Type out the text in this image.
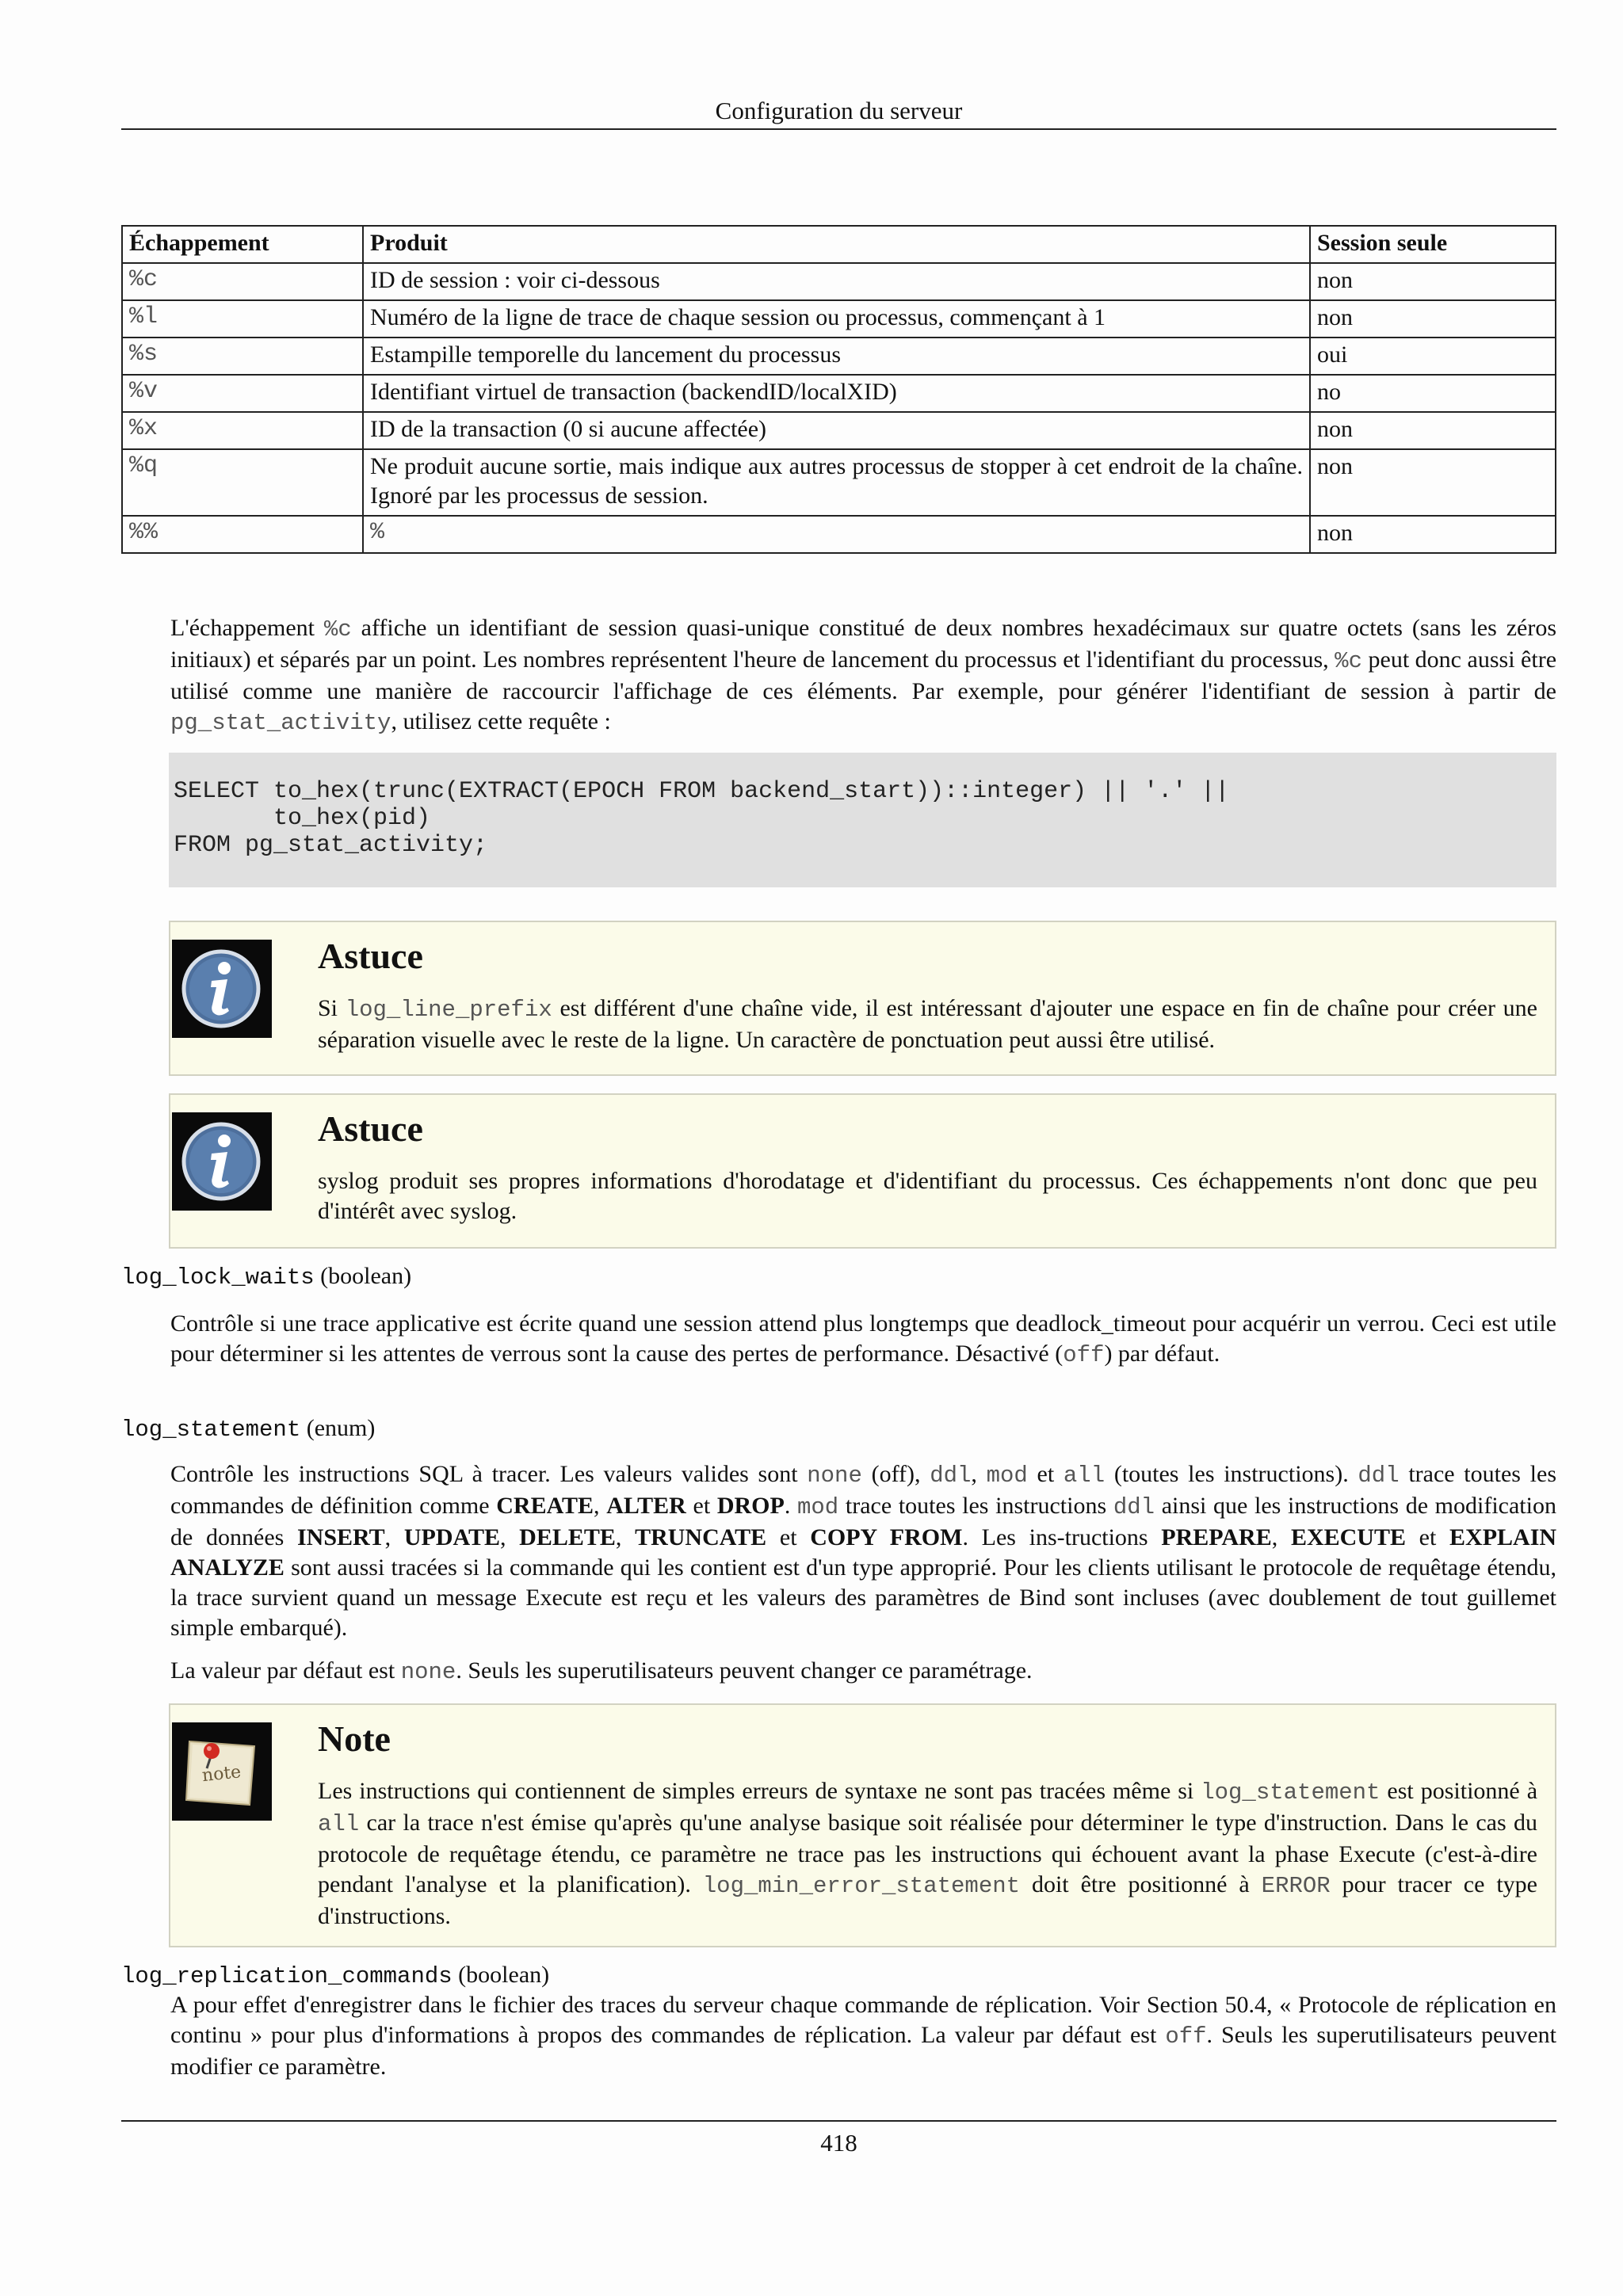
Configuration du serveur
Échappement	Produit	Session seule
%c	ID de session : voir ci-dessous	non
%l	Numéro de la ligne de trace de chaque session ou processus, commençant à 1	non
%s	Estampille temporelle du lancement du processus	oui
%v	Identifiant virtuel de transaction (backendID/localXID)	no
%x	ID de la transaction (0 si aucune affectée)	non
%q	Ne produit aucune sortie, mais indique aux autres processus de stopper à cet endroit de la chaîne. Ignoré par les processus de session.	non
%%	%	non
L'échappement %c affiche un identifiant de session quasi-unique constitué de deux nombres hexadécimaux sur quatre octets (sans les zéros initiaux) et séparés par un point. Les nombres représentent l'heure de lancement du processus et l'identifiant du processus, %c peut donc aussi être utilisé comme une manière de raccourcir l'affichage de ces éléments. Par exemple, pour générer l'identifiant de session à partir de pg_stat_activity, utilisez cette requête :
SELECT to_hex(trunc(EXTRACT(EPOCH FROM backend_start))::integer) || '.' ||
to_hex(pid)
FROM pg_stat_activity;
Astuce
Si log_line_prefix est différent d'une chaîne vide, il est intéressant d'ajouter une espace en fin de chaîne pour créer une séparation visuelle avec le reste de la ligne. Un caractère de ponctuation peut aussi être utilisé.
Astuce
syslog produit ses propres informations d'horodatage et d'identifiant du processus. Ces échappements n'ont donc que peu d'intérêt avec syslog.
log_lock_waits (boolean)
Contrôle si une trace applicative est écrite quand une session attend plus longtemps que deadlock_timeout pour acquérir un verrou. Ceci est utile pour déterminer si les attentes de verrous sont la cause des pertes de performance. Désactivé (off) par défaut.
log_statement (enum)
Contrôle les instructions SQL à tracer. Les valeurs valides sont none (off), ddl, mod et all (toutes les instructions). ddl trace toutes les commandes de définition comme CREATE, ALTER et DROP. mod trace toutes les instructions ddl ainsi que les instructions de modification de données INSERT, UPDATE, DELETE, TRUNCATE et COPY FROM. Les ins-tructions PREPARE, EXECUTE et EXPLAIN ANALYZE sont aussi tracées si la commande qui les contient est d'un type approprié. Pour les clients utilisant le protocole de requêtage étendu, la trace survient quand un message Execute est reçu et les valeurs des paramètres de Bind sont incluses (avec doublement de tout guillemet simple embarqué).
La valeur par défaut est none. Seuls les superutilisateurs peuvent changer ce paramétrage.
note
Note
Les instructions qui contiennent de simples erreurs de syntaxe ne sont pas tracées même si log_statement est positionné à all car la trace n'est émise qu'après qu'une analyse basique soit réalisée pour déterminer le type d'instruction. Dans le cas du protocole de requêtage étendu, ce paramètre ne trace pas les instructions qui échouent avant la phase Execute (c'est-à-dire pendant l'analyse et la planification). log_min_error_statement doit être positionné à ERROR pour tracer ce type d'instructions.
log_replication_commands (boolean)
A pour effet d'enregistrer dans le fichier des traces du serveur chaque commande de réplication. Voir Section 50.4, « Protocole de réplication en continu » pour plus d'informations à propos des commandes de réplication. La valeur par défaut est off. Seuls les superutilisateurs peuvent modifier ce paramètre.
418
